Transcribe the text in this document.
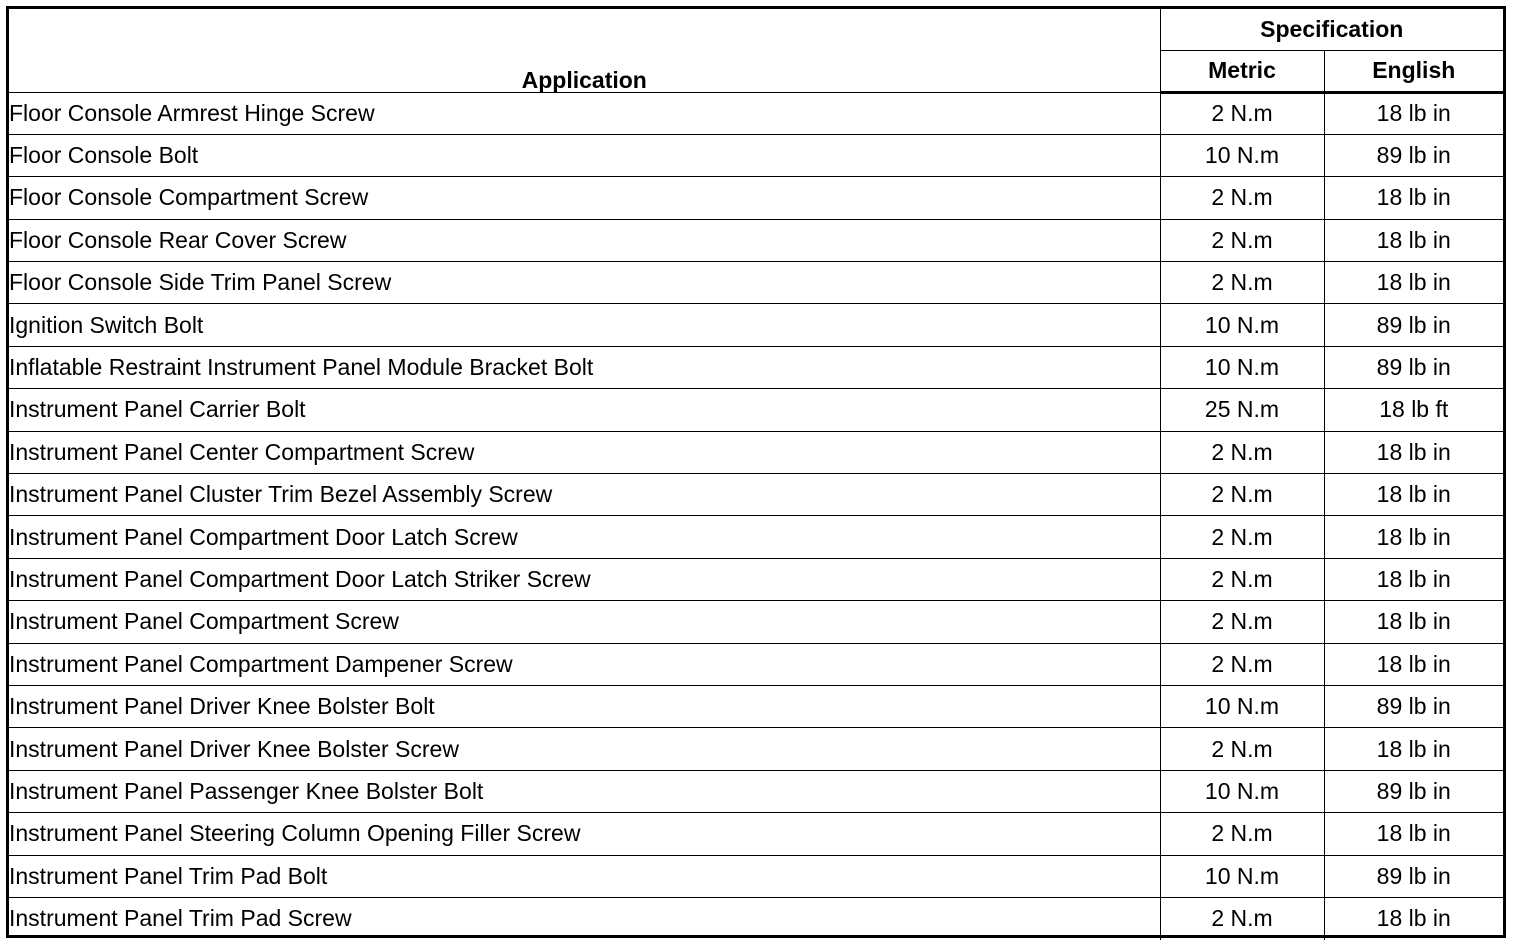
Application	Specification	
	Metric	English
Floor Console Armrest Hinge Screw	2 N.m	18 lb in
Floor Console Bolt	10 N.m	89 lb in
Floor Console Compartment Screw	2 N.m	18 lb in
Floor Console Rear Cover Screw	2 N.m	18 lb in
Floor Console Side Trim Panel Screw	2 N.m	18 lb in
Ignition Switch Bolt	10 N.m	89 lb in
Inflatable Restraint Instrument Panel Module Bracket Bolt	10 N.m	89 lb in
Instrument Panel Carrier Bolt	25 N.m	18 lb ft
Instrument Panel Center Compartment Screw	2 N.m	18 lb in
Instrument Panel Cluster Trim Bezel Assembly Screw	2 N.m	18 lb in
Instrument Panel Compartment Door Latch Screw	2 N.m	18 lb in
Instrument Panel Compartment Door Latch Striker Screw	2 N.m	18 lb in
Instrument Panel Compartment Screw	2 N.m	18 lb in
Instrument Panel Compartment Dampener Screw	2 N.m	18 lb in
Instrument Panel Driver Knee Bolster Bolt	10 N.m	89 lb in
Instrument Panel Driver Knee Bolster Screw	2 N.m	18 lb in
Instrument Panel Passenger Knee Bolster Bolt	10 N.m	89 lb in
Instrument Panel Steering Column Opening Filler Screw	2 N.m	18 lb in
Instrument Panel Trim Pad Bolt	10 N.m	89 lb in
Instrument Panel Trim Pad Screw	2 N.m	18 lb in
